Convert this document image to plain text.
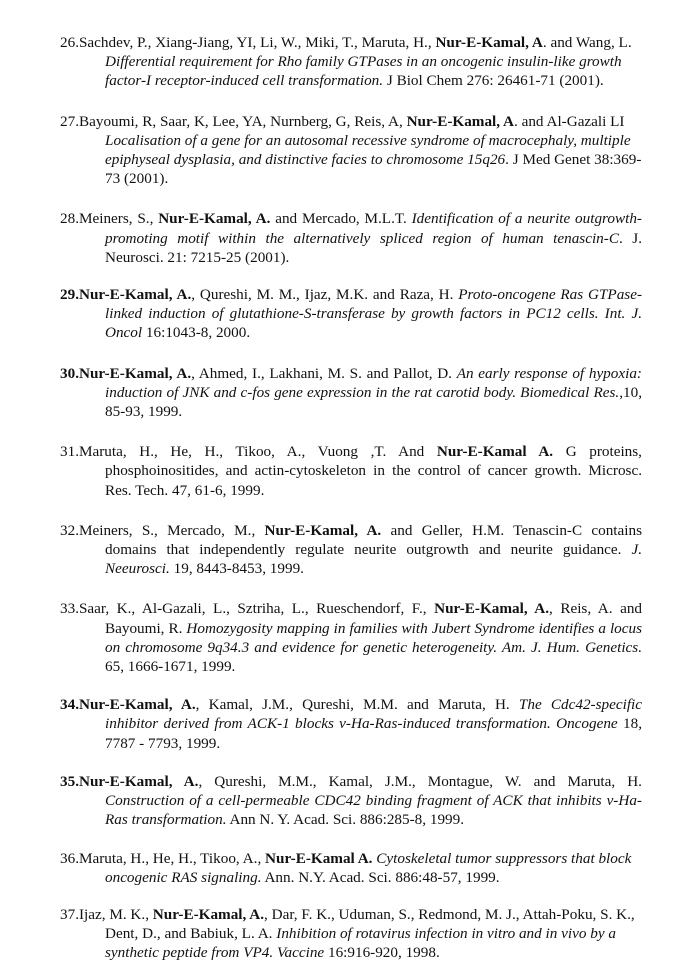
26.Sachdev, P., Xiang-Jiang, YI, Li, W., Miki, T., Maruta, H., Nur-E-Kamal, A. and Wang, L. Differential requirement for Rho family GTPases in an oncogenic insulin-like growth factor-I receptor-induced cell transformation. J Biol Chem 276: 26461-71 (2001).

27.Bayoumi, R, Saar, K, Lee, YA, Nurnberg, G, Reis, A, Nur-E-Kamal, A. and Al-Gazali LI Localisation of a gene for an autosomal recessive syndrome of macrocephaly, multiple epiphyseal dysplasia, and distinctive facies to chromosome 15q26. J Med Genet 38:369-73 (2001).

28.Meiners, S., Nur-E-Kamal, A. and Mercado, M.L.T. Identification of a neurite outgrowth-promoting motif within the alternatively spliced region of human tenascin-C. J. Neurosci. 21: 7215-25 (2001).

29.Nur-E-Kamal, A., Qureshi, M. M., Ijaz, M.K. and Raza, H. Proto-oncogene Ras GTPase-linked induction of glutathione-S-transferase by growth factors in PC12 cells. Int. J. Oncol 16:1043-8, 2000.

30.Nur-E-Kamal, A., Ahmed, I., Lakhani, M. S. and Pallot, D. An early response of hypoxia: induction of JNK and c-fos gene expression in the rat carotid body. Biomedical Res.,10, 85-93, 1999.

31.Maruta, H., He, H., Tikoo, A., Vuong ,T. And Nur-E-Kamal A. G proteins, phosphoinositides, and actin-cytoskeleton in the control of cancer growth. Microsc. Res. Tech. 47, 61-6, 1999.

32.Meiners, S., Mercado, M., Nur-E-Kamal, A. and Geller, H.M. Tenascin-C contains domains that independently regulate neurite outgrowth and neurite guidance. J. Neeurosci. 19, 8443-8453, 1999.

33.Saar, K., Al-Gazali, L., Sztriha, L., Rueschendorf, F., Nur-E-Kamal, A., Reis, A. and Bayoumi, R. Homozygosity mapping in families with Jubert Syndrome identifies a locus on chromosome 9q34.3 and evidence for genetic heterogeneity. Am. J. Hum. Genetics. 65, 1666-1671, 1999.

34.Nur-E-Kamal, A., Kamal, J.M., Qureshi, M.M. and Maruta, H. The Cdc42-specific inhibitor derived from ACK-1 blocks v-Ha-Ras-induced transformation. Oncogene 18, 7787 - 7793, 1999.

35.Nur-E-Kamal, A., Qureshi, M.M., Kamal, J.M., Montague, W. and Maruta, H. Construction of a cell-permeable CDC42 binding fragment of ACK that inhibits v-Ha-Ras transformation. Ann N. Y. Acad. Sci. 886:285-8, 1999.

36.Maruta, H., He, H., Tikoo, A., Nur-E-Kamal A. Cytoskeletal tumor suppressors that block oncogenic RAS signaling. Ann. N.Y. Acad. Sci. 886:48-57, 1999.

37.Ijaz, M. K., Nur-E-Kamal, A., Dar, F. K., Uduman, S., Redmond, M. J., Attah-Poku, S. K., Dent, D., and Babiuk, L. A. Inhibition of rotavirus infection in vitro and in vivo by a synthetic peptide from VP4. Vaccine 16:916-920, 1998.
